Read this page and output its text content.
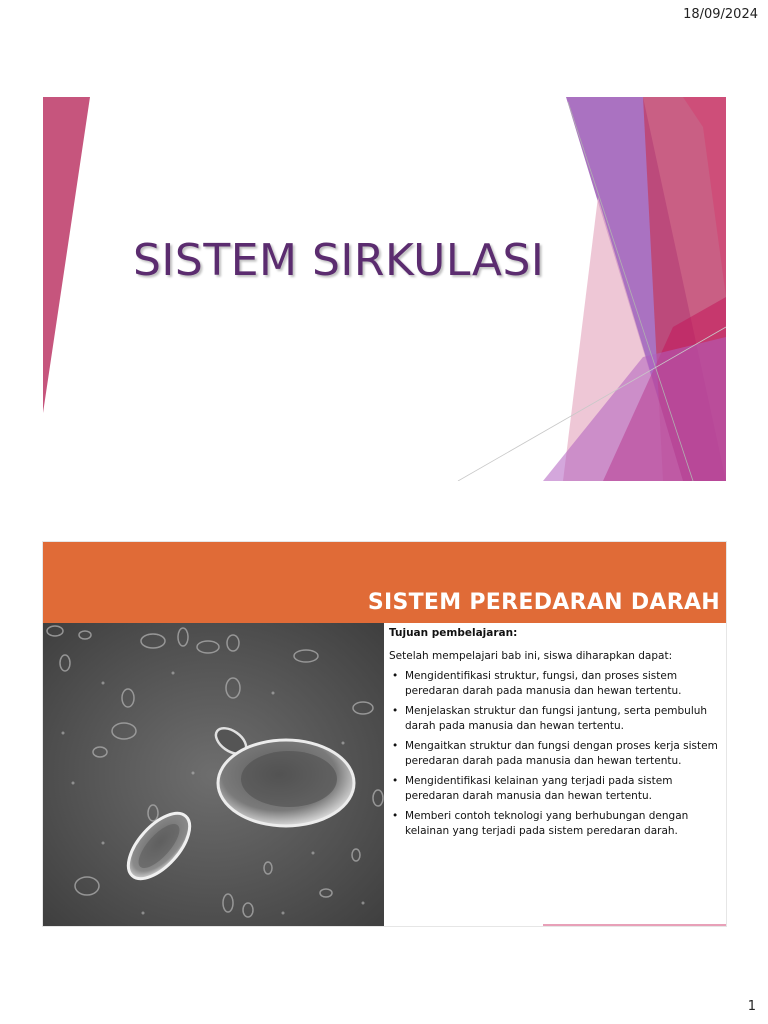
18/09/2024
SISTEM SIRKULASI
SISTEM PEREDARAN DARAH
Tujuan pembelajaran:
Setelah mempelajari bab ini, siswa diharapkan dapat:
• Mengidentifikasi struktur, fungsi, dan proses sistem peredaran darah pada manusia dan hewan tertentu.
• Menjelaskan struktur dan fungsi jantung, serta pembuluh darah pada manusia dan hewan tertentu.
• Mengaitkan struktur dan fungsi dengan proses kerja sistem peredaran darah pada manusia dan hewan tertentu.
• Mengidentifikasi kelainan yang terjadi pada sistem peredaran darah manusia dan hewan tertentu.
• Memberi contoh teknologi yang berhubungan dengan kelainan yang terjadi pada sistem peredaran darah.
1
